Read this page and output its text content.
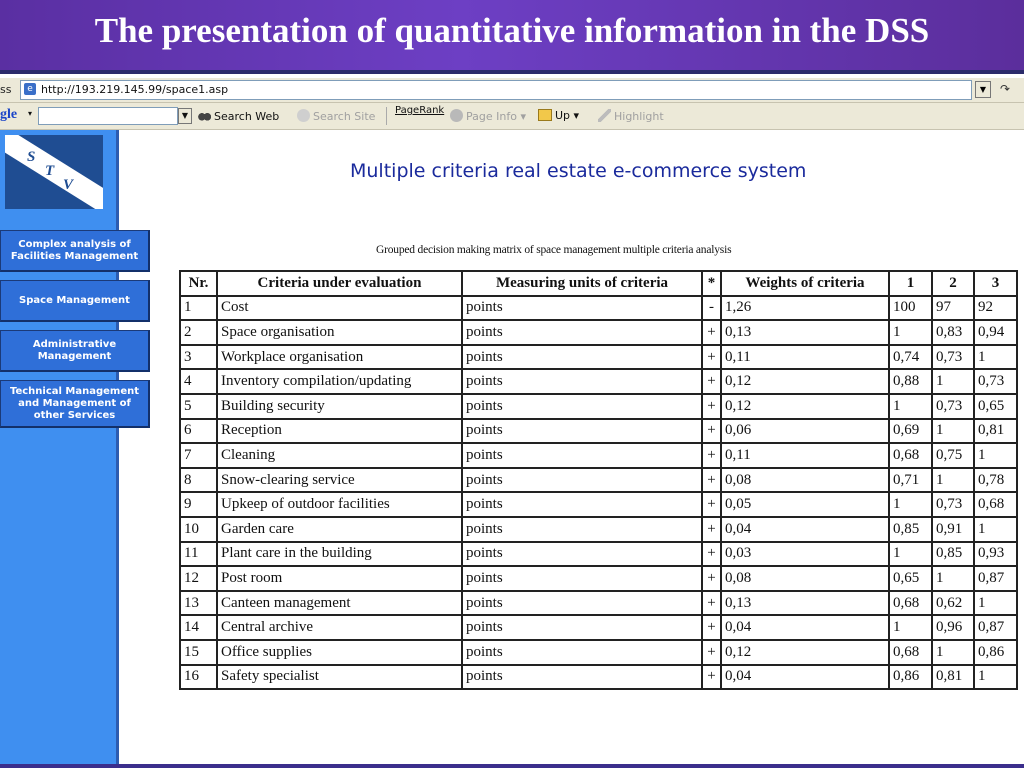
The presentation of quantitative information in the DSS
ss	e http://193.219.145.99/space1.asp	▼	↷
gle ▾	▼	Search Web	Search Site PageRank	Page Info ▾	Up ▾	Highlight
S
T
V
Complex analysis of Facilities Management
Space Management
Administrative Management
Technical Management and Management of other Services
Multiple criteria real estate e-commerce system
Grouped decision making matrix of space management multiple criteria analysis
Nr.	Criteria under evaluation	Measuring units of criteria	*	Weights of criteria	1	2	3
1	Cost	points	-	1,26	100	97	92
2	Space organisation	points	+	0,13	1	0,83	0,94
3	Workplace organisation	points	+	0,11	0,74	0,73	1
4	Inventory compilation/updating	points	+	0,12	0,88	1	0,73
5	Building security	points	+	0,12	1	0,73	0,65
6	Reception	points	+	0,06	0,69	1	0,81
7	Cleaning	points	+	0,11	0,68	0,75	1
8	Snow-clearing service	points	+	0,08	0,71	1	0,78
9	Upkeep of outdoor facilities	points	+	0,05	1	0,73	0,68
10	Garden care	points	+	0,04	0,85	0,91	1
11	Plant care in the building	points	+	0,03	1	0,85	0,93
12	Post room	points	+	0,08	0,65	1	0,87
13	Canteen management	points	+	0,13	0,68	0,62	1
14	Central archive	points	+	0,04	1	0,96	0,87
15	Office supplies	points	+	0,12	0,68	1	0,86
16	Safety specialist	points	+	0,04	0,86	0,81	1
